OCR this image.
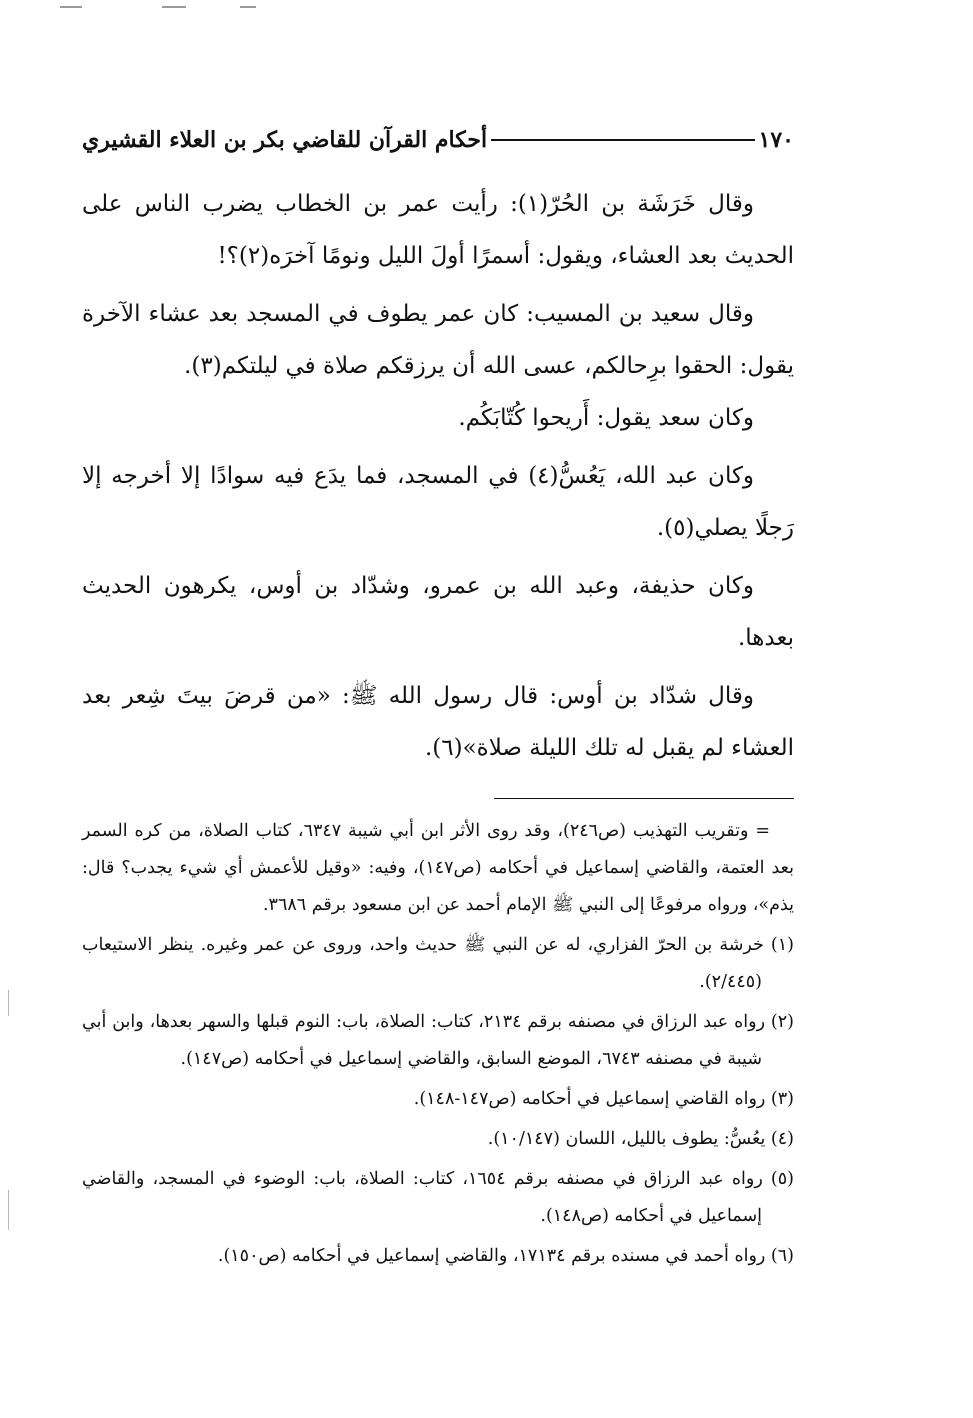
١٧٠
أحكام القرآن للقاضي بكر بن العلاء القشيري

وقال خَرَشَة بن الحُرّ(١): رأيت عمر بن الخطاب يضرب الناس على الحديث بعد العشاء، ويقول: أسمرًا أولَ الليل ونومًا آخرَه(٢)؟!

وقال سعيد بن المسيب: كان عمر يطوف في المسجد بعد عشاء الآخرة يقول: الحقوا برِحالكم، عسى الله أن يرزقكم صلاة في ليلتكم(٣).

وكان سعد يقول: أَريحوا كُتّابَكُم.

وكان عبد الله، يَعُسُّ(٤) في المسجد، فما يدَع فيه سوادًا إلا أخرجه إلا رَجلًا يصلي(٥).

وكان حذيفة، وعبد الله بن عمرو، وشدّاد بن أوس، يكرهون الحديث بعدها.

وقال شدّاد بن أوس: قال رسول الله ﷺ: «من قرضَ بيتَ شِعر بعد العشاء لم يقبل له تلك الليلة صلاة»(٦).

= وتقريب التهذيب (ص٢٤٦)، وقد روى الأثر ابن أبي شيبة ٦٣٤٧، كتاب الصلاة، من كره السمر بعد العتمة، والقاضي إسماعيل في أحكامه (ص١٤٧)، وفيه: «وقيل للأعمش أي شيء يجدب؟ قال: يذم»، ورواه مرفوعًا إلى النبي ﷺ الإمام أحمد عن ابن مسعود برقم ٣٦٨٦.

(١) خرشة بن الحرّ الفزاري، له عن النبي ﷺ حديث واحد، وروى عن عمر وغيره. ينظر الاستيعاب (٢/٤٤٥).

(٢) رواه عبد الرزاق في مصنفه برقم ٢١٣٤، كتاب: الصلاة، باب: النوم قبلها والسهر بعدها، وابن أبي شيبة في مصنفه ٦٧٤٣، الموضع السابق، والقاضي إسماعيل في أحكامه (ص١٤٧).

(٣) رواه القاضي إسماعيل في أحكامه (ص١٤٧-١٤٨).

(٤) يعُسُّ: يطوف بالليل، اللسان (١٠/١٤٧).

(٥) رواه عبد الرزاق في مصنفه برقم ١٦٥٤، كتاب: الصلاة، باب: الوضوء في المسجد، والقاضي إسماعيل في أحكامه (ص١٤٨).

(٦) رواه أحمد في مسنده برقم ١٧١٣٤، والقاضي إسماعيل في أحكامه (ص١٥٠).
